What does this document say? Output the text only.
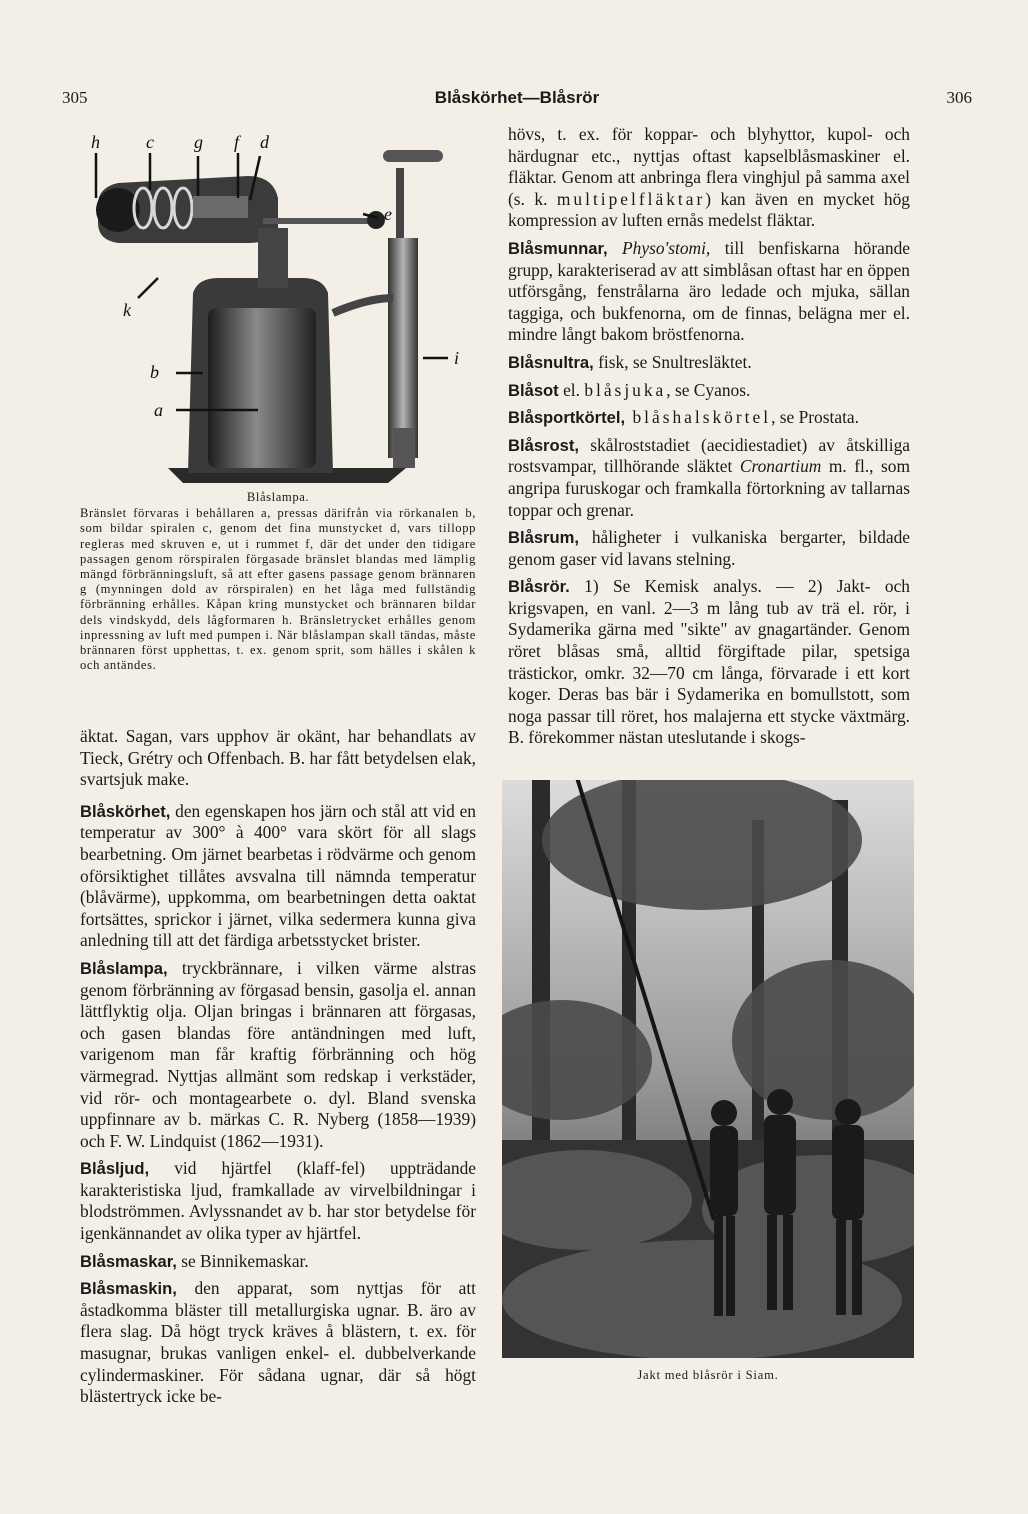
305	Blåskörhet—Blåsrör	306
h	c g f d
e
k
b
a
i
Blåslampa.
Bränslet förvaras i behållaren a, pressas därifrån via rörkanalen b, som bildar spiralen c, genom det fina munstycket d, vars tillopp regleras med skruven e, ut i rummet f, där det under den tidigare passagen genom rörspiralen förgasade bränslet blandas med lämplig mängd förbränningsluft, så att efter gasens passage genom brännaren g (mynningen dold av rörspiralen) en het låga med fullständig förbränning erhålles. Kåpan kring munstycket och brännaren bildar dels vindskydd, dels lågformaren h. Bränsletrycket erhålles genom inpressning av luft med pumpen i. När blåslampan skall tändas, måste brännaren först upphettas, t. ex. genom sprit, som hälles i skålen k och antändes.

äktat. Sagan, vars upphov är okänt, har behandlats av Tieck, Grétry och Offenbach. B. har fått betydelsen elak, svartsjuk make.

Blåskörhet, den egenskapen hos järn och stål att vid en temperatur av 300° à 400° vara skört för all slags bearbetning. Om järnet bearbetas i rödvärme och genom oförsiktighet tillåtes avsvalna till nämnda temperatur (blåvärme), uppkomma, om bearbetningen detta oaktat fortsättes, sprickor i järnet, vilka sedermera kunna giva anledning till att det färdiga arbetsstycket brister.

Blåslampa, tryckbrännare, i vilken värme alstras genom förbränning av förgasad bensin, gasolja el. annan lättflyktig olja. Oljan bringas i brännaren att förgasas, och gasen blandas före antändningen med luft, varigenom man får kraftig förbränning och hög värmegrad. Nyttjas allmänt som redskap i verkstäder, vid rör- och montagearbete o. dyl. Bland svenska uppfinnare av b. märkas C. R. Nyberg (1858—1939) och F. W. Lindquist (1862—1931).

Blåsljud, vid hjärtfel (klaff-fel) uppträdande karakteristiska ljud, framkallade av virvelbildningar i blodströmmen. Avlyssnandet av b. har stor betydelse för igenkännandet av olika typer av hjärtfel.

Blåsmaskar, se Binnikemaskar.

Blåsmaskin, den apparat, som nyttjas för att åstadkomma bläster till metallurgiska ugnar. B. äro av flera slag. Då högt tryck kräves å blästern, t. ex. för masugnar, brukas vanligen enkel- el. dubbelverkande cylindermaskiner. För sådana ugnar, där så högt blästertryck icke be-

hövs, t. ex. för koppar- och blyhyttor, kupol- och härdugnar etc., nyttjas oftast kapselblåsmaskiner el. fläktar. Genom att anbringa flera vinghjul på samma axel (s. k. multipelfläktar) kan även en mycket hög kompression av luften ernås medelst fläktar.

Blåsmunnar, Physo'stomi, till benfiskarna hörande grupp, karakteriserad av att simblåsan oftast har en öppen utförsgång, fenstrålarna äro ledade och mjuka, sällan taggiga, och bukfenorna, om de finnas, belägna mer el. mindre långt bakom bröstfenorna.

Blåsnultra, fisk, se Snultresläktet.

Blåsot el. blåsjuka, se Cyanos.

Blåsportkörtel, blåshalskörtel, se Prostata.

Blåsrost, skålroststadiet (aecidiestadiet) av åtskilliga rostsvampar, tillhörande släktet Cronartium m. fl., som angripa furuskogar och framkalla förtorkning av tallarnas toppar och grenar.

Blåsrum, håligheter i vulkaniska bergarter, bildade genom gaser vid lavans stelning.

Blåsrör. 1) Se Kemisk analys. — 2) Jakt- och krigsvapen, en vanl. 2—3 m lång tub av trä el. rör, i Sydamerika gärna med "sikte" av gnagartänder. Genom röret blåsas små, alltid förgiftade pilar, spetsiga trästickor, omkr. 32—70 cm långa, förvarade i ett kort koger. Deras bas bär i Sydamerika en bomullstott, som noga passar till röret, hos malajerna ett stycke växtmärg. B. förekommer nästan uteslutande i skogs-

Jakt med blåsrör i Siam.
